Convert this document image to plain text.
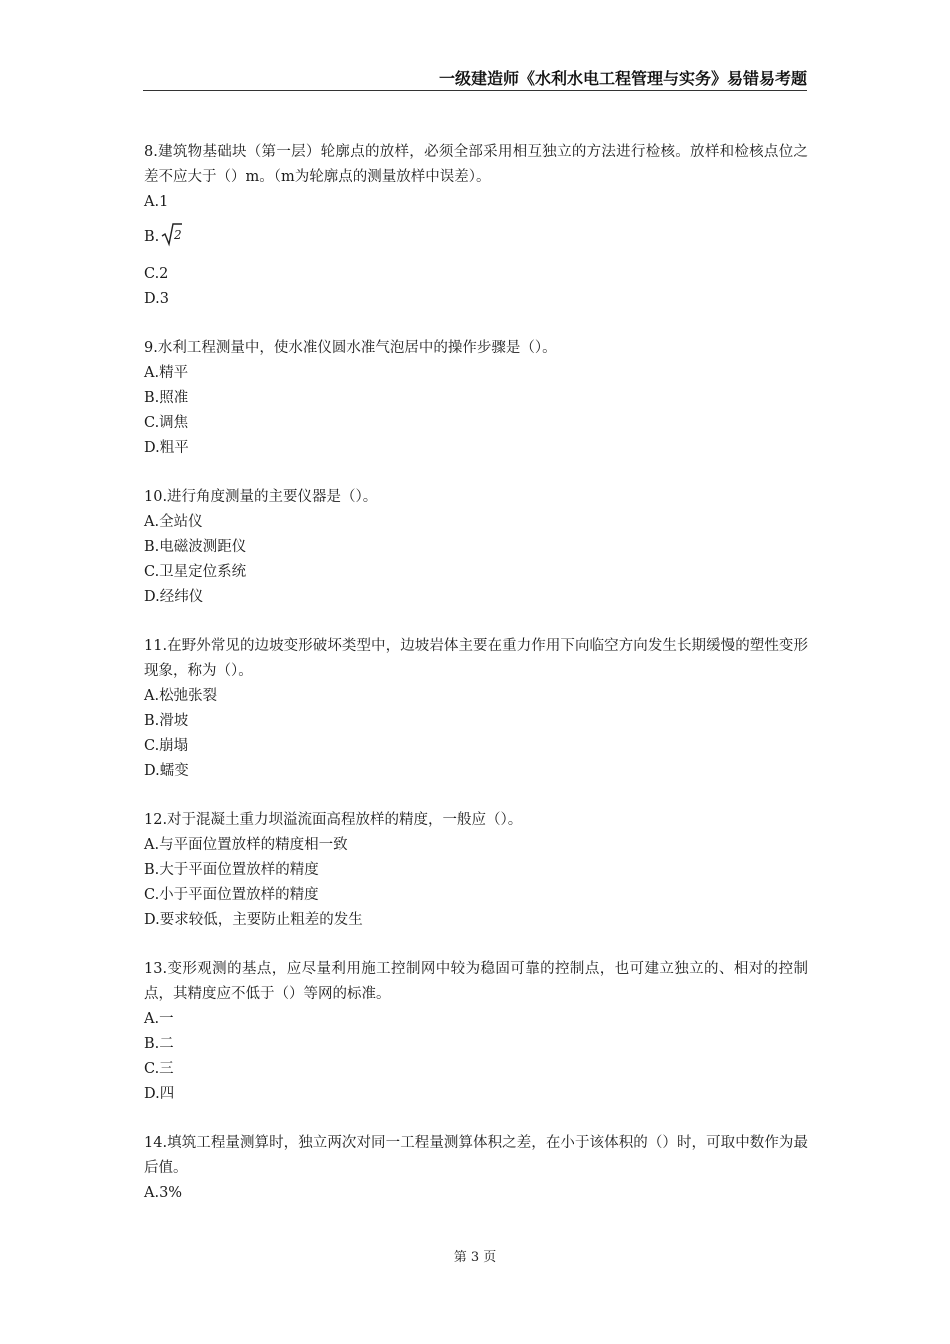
一级建造师《水利水电工程管理与实务》易错易考题
8.建筑物基础块（第一层）轮廓点的放样，必须全部采用相互独立的方法进行检核。放样和检核点位之差不应大于（）m。（m为轮廓点的测量放样中误差）。
A.1
B. 2
C.2
D.3
9.水利工程测量中，使水准仪圆水准气泡居中的操作步骤是（）。
A.精平
B.照准
C.调焦
D.粗平
10.进行角度测量的主要仪器是（）。
A.全站仪
B.电磁波测距仪
C.卫星定位系统
D.经纬仪
11.在野外常见的边坡变形破坏类型中，边坡岩体主要在重力作用下向临空方向发生长期缓慢的塑性变形现象，称为（）。
A.松弛张裂
B.滑坡
C.崩塌
D.蠕变
12.对于混凝土重力坝溢流面高程放样的精度，一般应（）。
A.与平面位置放样的精度相一致
B.大于平面位置放样的精度
C.小于平面位置放样的精度
D.要求较低，主要防止粗差的发生
13.变形观测的基点，应尽量利用施工控制网中较为稳固可靠的控制点，也可建立独立的、相对的控制点，其精度应不低于（）等网的标准。
A.一
B.二
C.三
D.四
14.填筑工程量测算时，独立两次对同一工程量测算体积之差，在小于该体积的（）时，可取中数作为最后值。
A.3%
第 3 页
